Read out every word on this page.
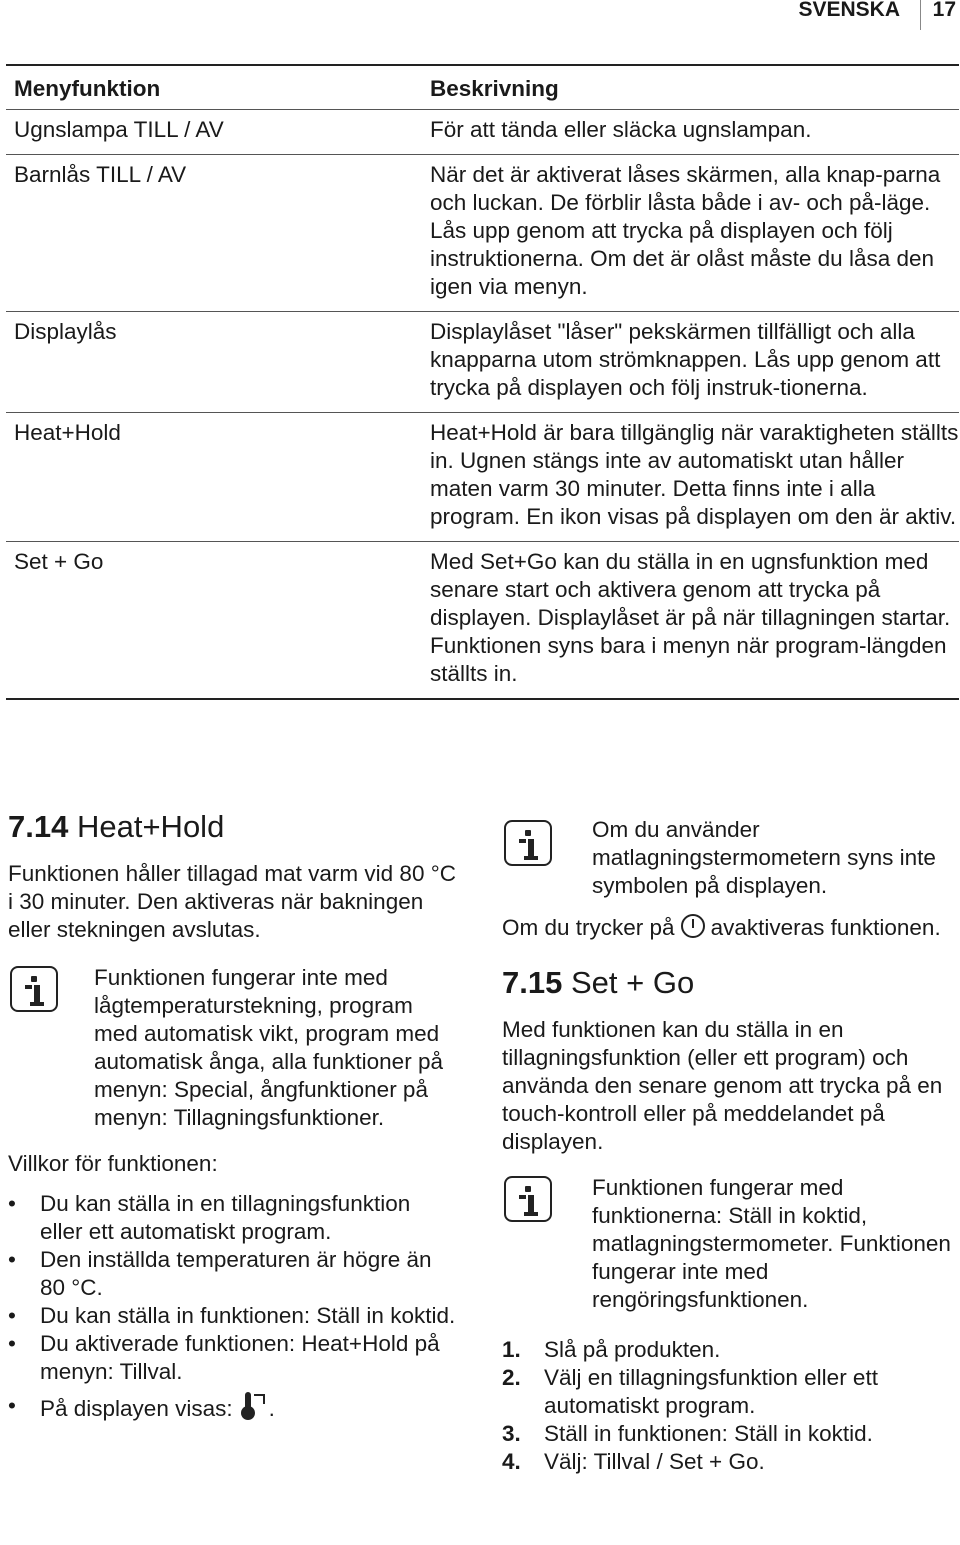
SVENSKA 17
Menyfunktion	Beskrivning
Ugnslampa TILL / AV	För att tända eller släcka ugnslampan.
Barnlås TILL / AV	När det är aktiverat låses skärmen, alla knap-parna och luckan. De förblir låsta både i av- och på-läge. Lås upp genom att trycka på displayen och följ instruktionerna. Om det är olåst måste du låsa den igen via menyn.
Displaylås	Displaylåset "låser" pekskärmen tillfälligt och alla knapparna utom strömknappen. Lås upp genom att trycka på displayen och följ instruk-tionerna.
Heat+Hold	Heat+Hold är bara tillgänglig när varaktigheten ställts in. Ugnen stängs inte av automatiskt utan håller maten varm 30 minuter. Detta finns inte i alla program. En ikon visas på displayen om den är aktiv.
Set + Go	Med Set+Go kan du ställa in en ugnsfunktion med senare start och aktivera genom att trycka på displayen. Displaylåset är på när tillagningen startar.
Funktionen syns bara i menyn när program-längden ställts in.
7.14 Heat+Hold

Funktionen håller tillagad mat varm vid 80 °C i 30 minuter. Den aktiveras när bakningen eller stekningen avslutas.

Funktionen fungerar inte med lågtemperaturstekning, program med automatisk vikt, program med automatisk ånga, alla funktioner på menyn: Special, ångfunktioner på menyn: Tillagningsfunktioner.

Villkor för funktionen:

• Du kan ställa in en tillagningsfunktion eller ett automatiskt program.
• Den inställda temperaturen är högre än 80 °C.
• Du kan ställa in funktionen: Ställ in koktid.
• Du aktiverade funktionen: Heat+Hold på menyn: Tillval.
• På displayen visas: .

Om du använder matlagningstermometern syns inte symbolen på displayen.

Om du trycker på avaktiveras funktionen.

7.15 Set + Go

Med funktionen kan du ställa in en tillagningsfunktion (eller ett program) och använda den senare genom att trycka på en touch-kontroll eller på meddelandet på displayen.

Funktionen fungerar med funktionerna: Ställ in koktid, matlagningstermometer. Funktionen fungerar inte med rengöringsfunktionen.

1. Slå på produkten.
2. Välj en tillagningsfunktion eller ett automatiskt program.
3. Ställ in funktionen: Ställ in koktid.
4. Välj: Tillval / Set + Go.
